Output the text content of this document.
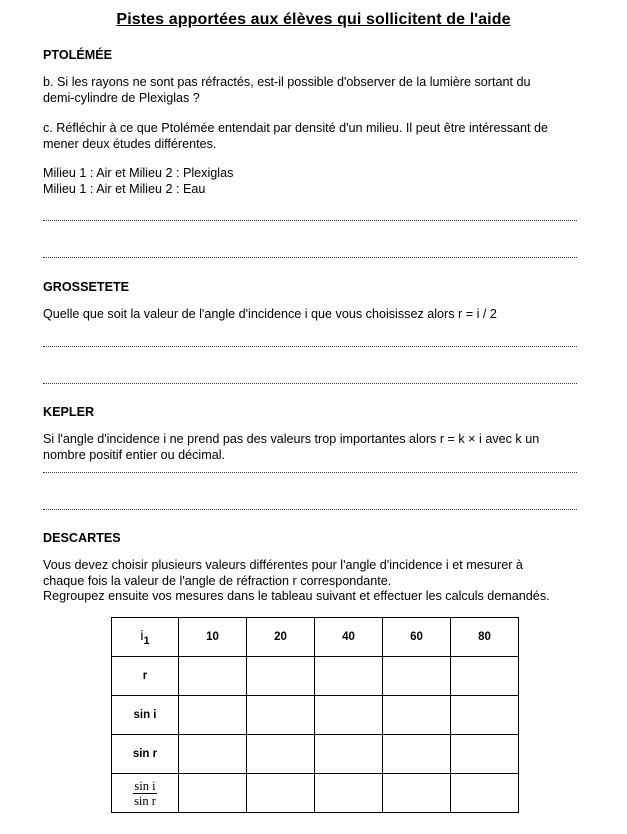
Pistes apportées aux élèves qui sollicitent de l'aide
PTOLÉMÉE
b. Si les rayons ne sont pas réfractés, est-il possible d'observer de la lumière sortant du
demi-cylindre de Plexiglas ?
c. Réfléchir à ce que Ptolémée entendait par densité d'un milieu. Il peut être intéressant de
mener deux études différentes.
Milieu 1 : Air et Milieu 2 : Plexiglas
Milieu 1 : Air et Milieu 2 : Eau
GROSSETETE
Quelle que soit la valeur de l'angle d'incidence i que vous choisissez alors r = i / 2
KEPLER
Si l'angle d'incidence i ne prend pas des valeurs trop importantes alors r = k × i avec k un
nombre positif entier ou décimal.
DESCARTES
Vous devez choisir plusieurs valeurs différentes pour l'angle d'incidence i et mesurer à
chaque fois la valeur de l'angle de réfraction r correspondante.
Regroupez ensuite vos mesures dans le tableau suivant et effectuer les calculs demandés.
$i_1$	10	20	40	60	80
r					
sin i					
sin r					

$\frac{\text{sin i}}{\text{sin r}}$
